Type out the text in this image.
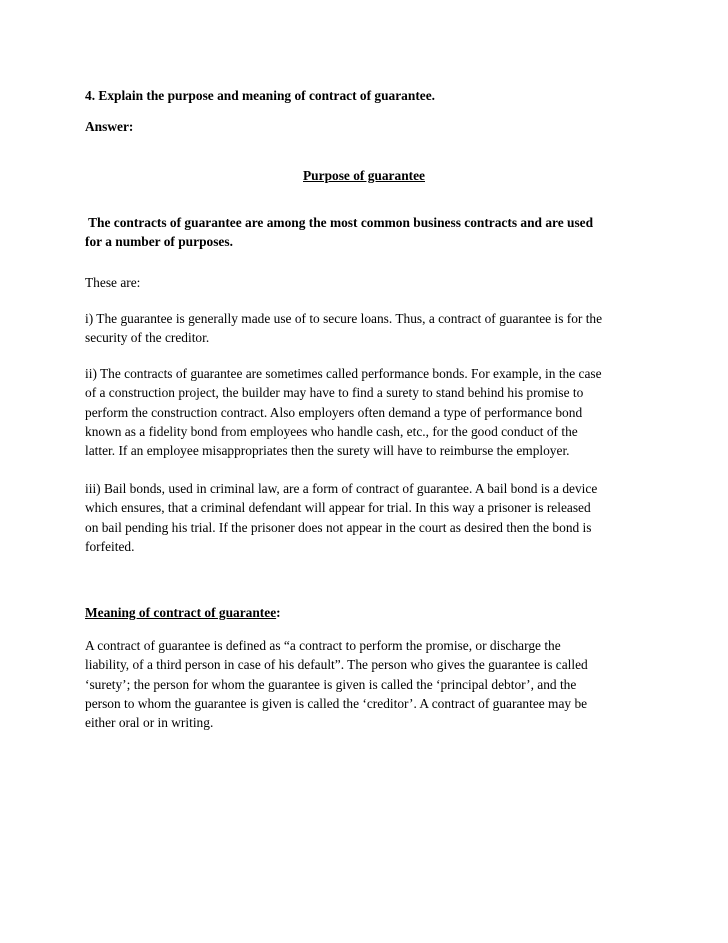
4. Explain the purpose and meaning of contract of guarantee.

Answer:

Purpose of guarantee

The contracts of guarantee are among the most common business contracts and are used
for a number of purposes.

These are:

i) The guarantee is generally made use of to secure loans. Thus, a contract of guarantee is for the
security of the creditor.

ii) The contracts of guarantee are sometimes called performance bonds. For example, in the case
of a construction project, the builder may have to find a surety to stand behind his promise to
perform the construction contract. Also employers often demand a type of performance bond
known as a fidelity bond from employees who handle cash, etc., for the good conduct of the
latter. If an employee misappropriates then the surety will have to reimburse the employer.

iii) Bail bonds, used in criminal law, are a form of contract of guarantee. A bail bond is a device
which ensures, that a criminal defendant will appear for trial. In this way a prisoner is released
on bail pending his trial. If the prisoner does not appear in the court as desired then the bond is
forfeited.

Meaning of contract of guarantee:

A contract of guarantee is defined as “a contract to perform the promise, or discharge the
liability, of a third person in case of his default”. The person who gives the guarantee is called
‘surety’; the person for whom the guarantee is given is called the ‘principal debtor’, and the
person to whom the guarantee is given is called the ‘creditor’. A contract of guarantee may be
either oral or in writing.
